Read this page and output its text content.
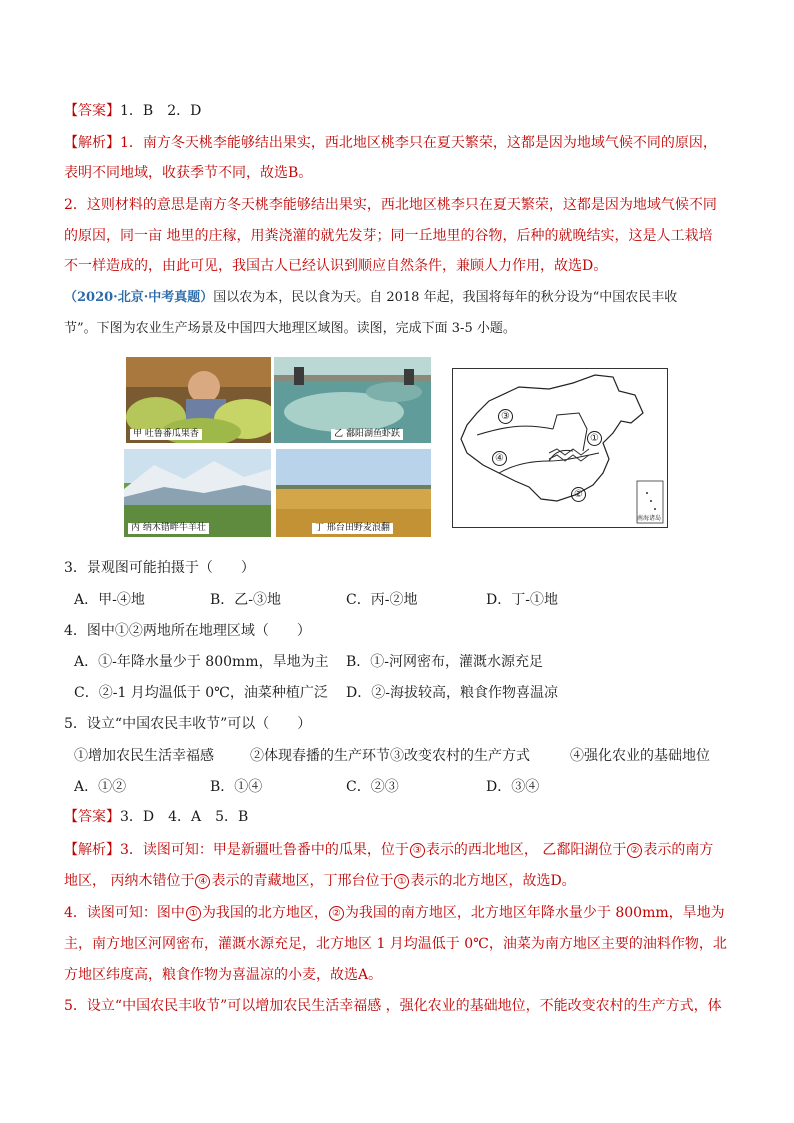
【答案】1．B　2．D
【解析】1．南方冬天桃李能够结出果实，西北地区桃李只在夏天繁荣，这都是因为地域气候不同的原因，
表明不同地域，收获季节不同，故选B。
2．这则材料的意思是南方冬天桃李能够结出果实，西北地区桃李只在夏天繁荣，这都是因为地域气候不同
的原因，同一亩 地里的庄稼，用粪浇灌的就先发芽；同一丘地里的谷物，后种的就晚结实，这是人工栽培
不一样造成的，由此可见，我国古人已经认识到顺应自然条件，兼顾人力作用，故选D。
（2020·北京·中考真题）国以农为本，民以食为天。自 2018 年起，我国将每年的秋分设为“中国农民丰收
节”。下图为农业生产场景及中国四大地理区域图。读图，完成下面 3-5 小题。
甲 吐鲁番瓜果香	乙 鄱阳湖鱼虾跃
丙 纳木错畔牛羊壮	丁 邢台田野麦浪翻
①
②
③
④
南海诸岛
3．景观图可能拍摄于（　　）
A．甲-④地	B．乙-③地	C．丙-②地	D．丁-①地
4．图中①②两地所在地理区域（　　）
A．①-年降水量少于 800mm，旱地为主 B．①-河网密布，灌溉水源充足
C．②-1 月均温低于 0℃，油菜种植广泛 D．②-海拔较高，粮食作物喜温凉
5．设立“中国农民丰收节”可以（　　）
①增加农民生活幸福感	②体现春播的生产环节 ③改变农村的生产方式	④强化农业的基础地位
A．①②	B．①④	C．②③	D．③④
【答案】3．D　4．A　5．B
【解析】3．读图可知：甲是新疆吐鲁番中的瓜果，位于 ③ 表示的西北地区， 乙鄱阳湖位于 ② 表示的南方
地区， 丙纳木错位于 ④ 表示的青藏地区，丁邢台位于 ① 表示的北方地区，故选D。
4．读图可知：图中 ① 为我国的北方地区， ② 为我国的南方地区，北方地区年降水量少于 800mm，旱地为
主，南方地区河网密布，灌溉水源充足，北方地区 1 月均温低于 0℃，油菜为南方地区主要的油料作物，北
方地区纬度高，粮食作物为喜温凉的小麦，故选A。
5．设立“中国农民丰收节”可以增加农民生活幸福感 ，强化农业的基础地位，不能改变农村的生产方式，体
